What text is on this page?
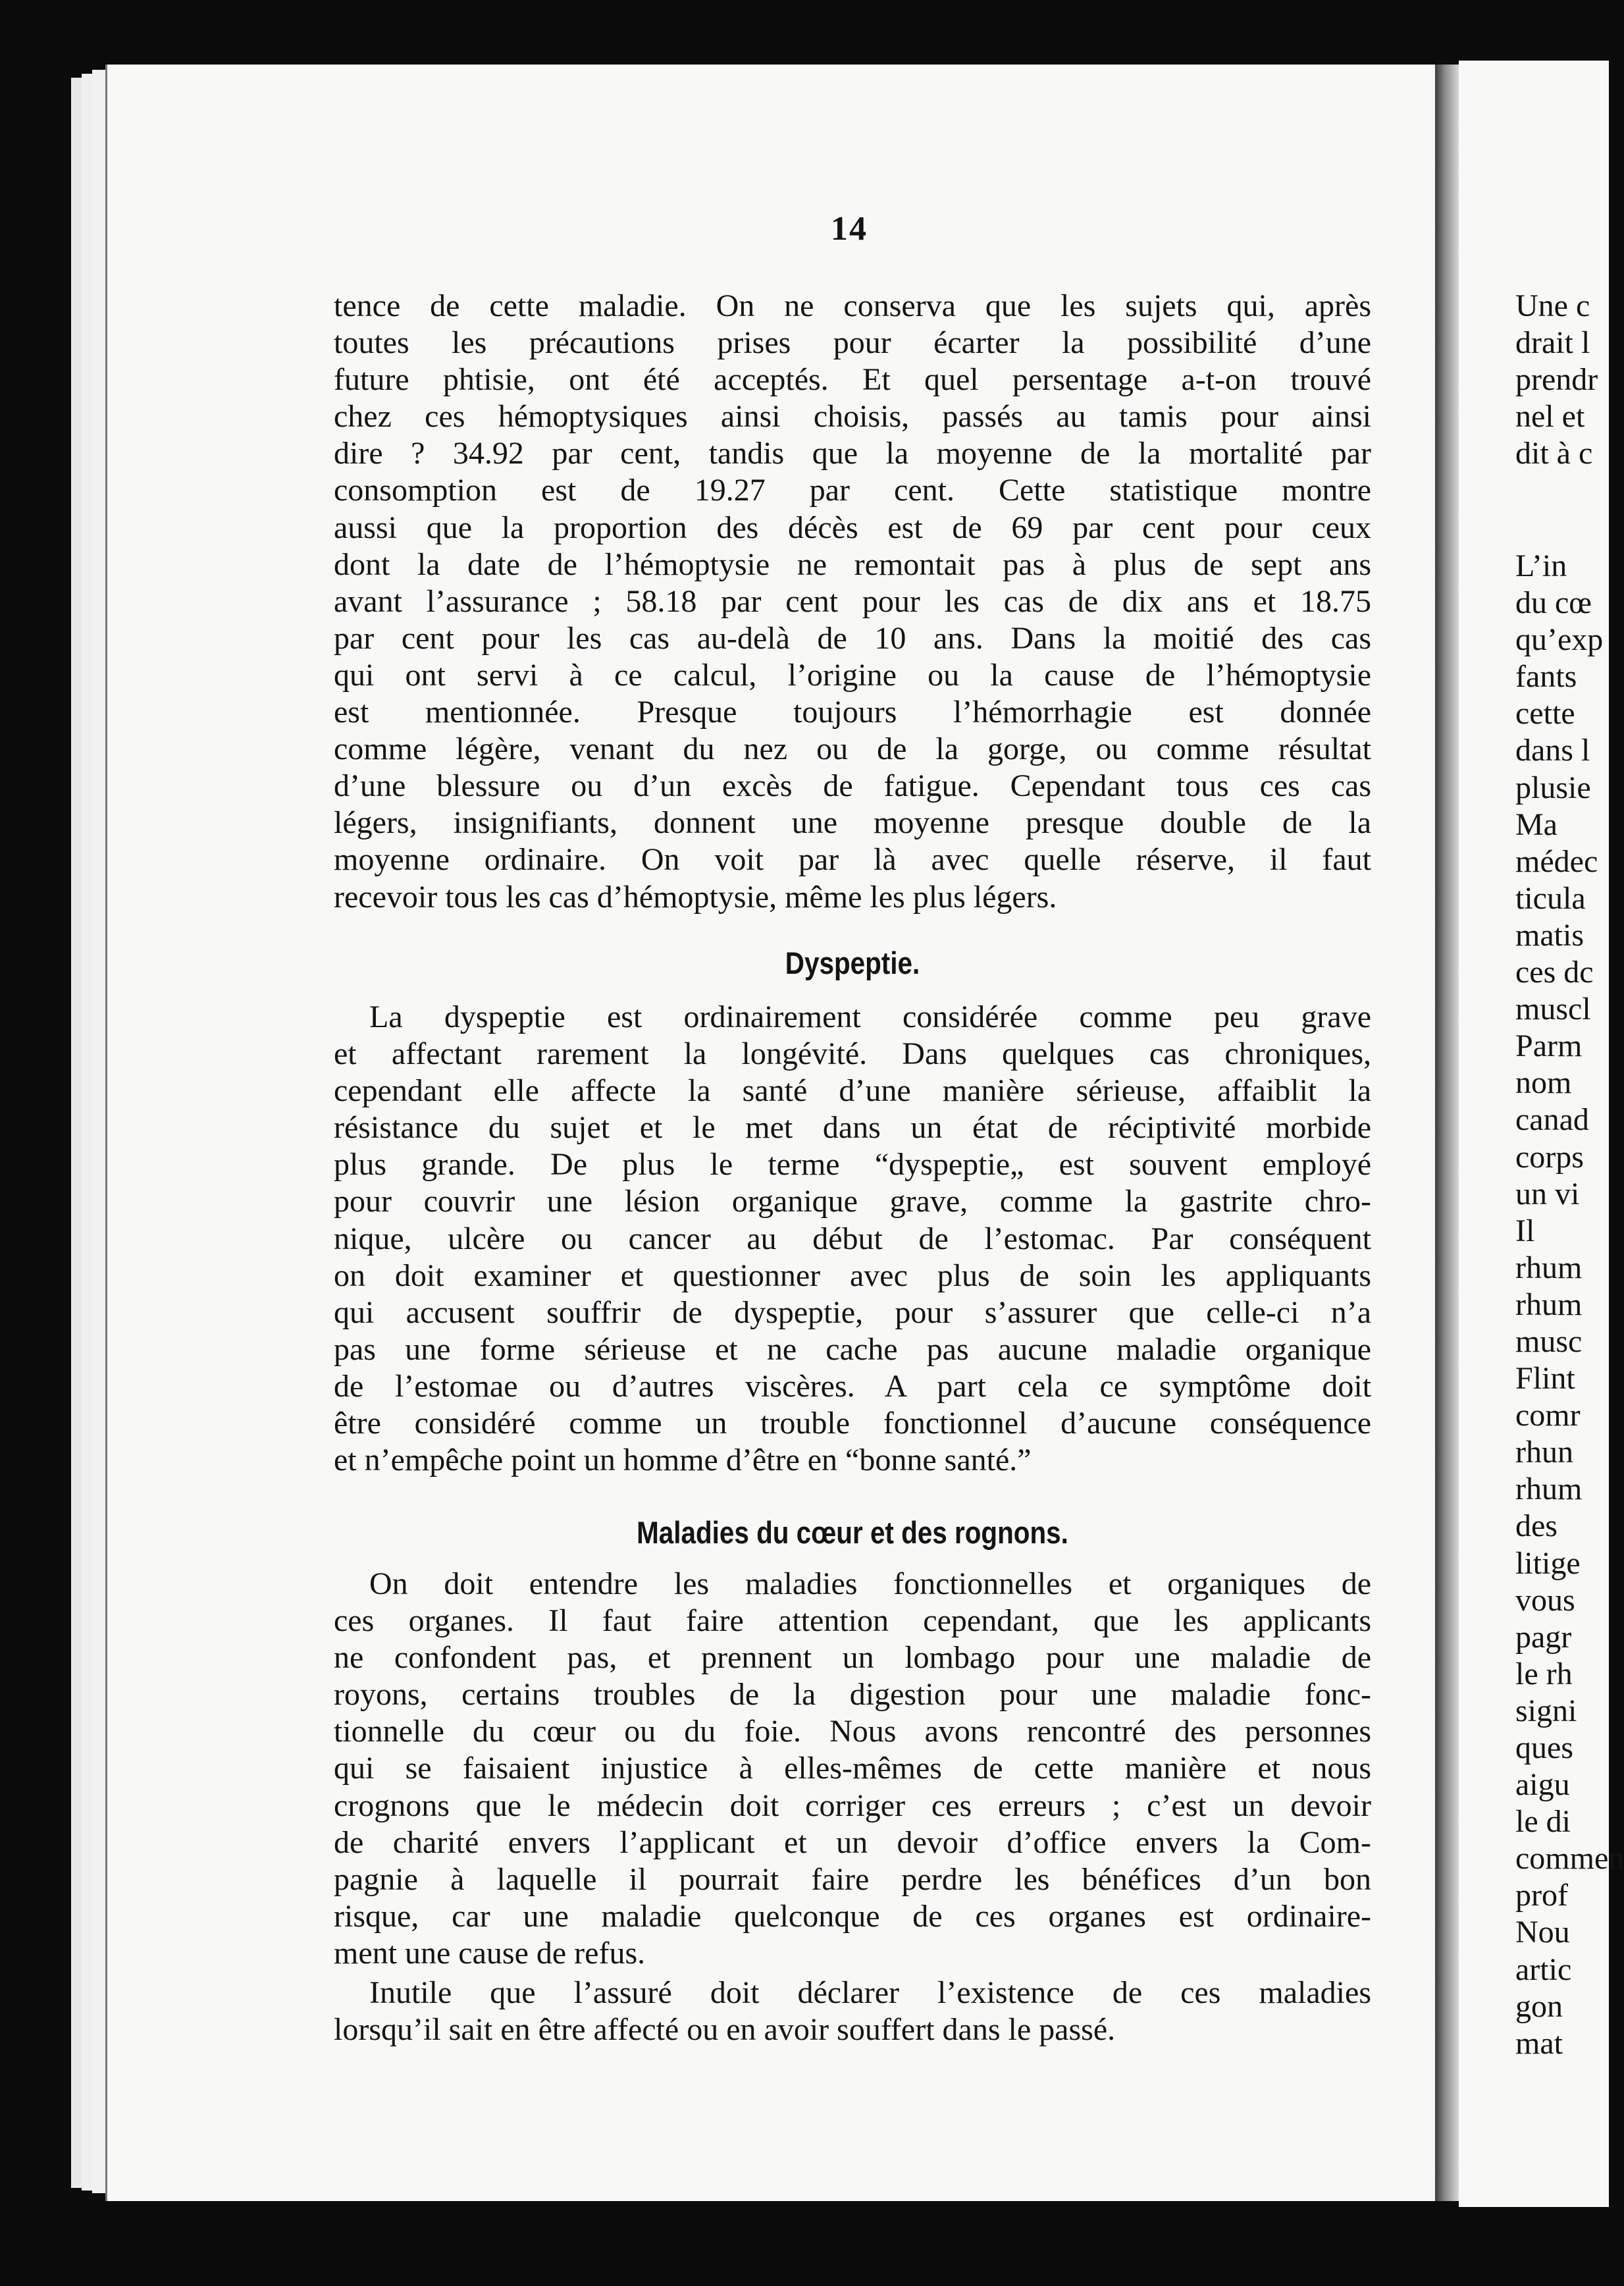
14
tence de cette maladie. On ne conserva que les sujets qui, après
toutes les précautions prises pour écarter la possibilité d’une
future phtisie, ont été acceptés. Et quel persentage a-t-on trouvé
chez ces hémoptysiques ainsi choisis, passés au tamis pour ainsi
dire ? 34.92 par cent, tandis que la moyenne de la mortalité par
consomption est de 19.27 par cent. Cette statistique montre
aussi que la proportion des décès est de 69 par cent pour ceux
dont la date de l’hémoptysie ne remontait pas à plus de sept ans
avant l’assurance ; 58.18 par cent pour les cas de dix ans et 18.75
par cent pour les cas au-delà de 10 ans. Dans la moitié des cas
qui ont servi à ce calcul, l’origine ou la cause de l’hémoptysie
est mentionnée. Presque toujours l’hémorrhagie est donnée
comme légère, venant du nez ou de la gorge, ou comme résultat
d’une blessure ou d’un excès de fatigue. Cependant tous ces cas
légers, insignifiants, donnent une moyenne presque double de la
moyenne ordinaire. On voit par là avec quelle réserve, il faut
recevoir tous les cas d’hémoptysie, même les plus légers.
Dyspeptie.
La dyspeptie est ordinairement considérée comme peu grave
et affectant rarement la longévité. Dans quelques cas chroniques,
cependant elle affecte la santé d’une manière sérieuse, affaiblit la
résistance du sujet et le met dans un état de réciptivité morbide
plus grande. De plus le terme “dyspeptie„ est souvent employé
pour couvrir une lésion organique grave, comme la gastrite chro-
nique, ulcère ou cancer au début de l’estomac. Par conséquent
on doit examiner et questionner avec plus de soin les appliquants
qui accusent souffrir de dyspeptie, pour s’assurer que celle-ci n’a
pas une forme sérieuse et ne cache pas aucune maladie organique
de l’estomae ou d’autres viscères. A part cela ce symptôme doit
être considéré comme un trouble fonctionnel d’aucune conséquence
et n’empêche point un homme d’être en “bonne santé.”
Maladies du cœur et des rognons.
On doit entendre les maladies fonctionnelles et organiques de
ces organes. Il faut faire attention cependant, que les applicants
ne confondent pas, et prennent un lombago pour une maladie de
royons, certains troubles de la digestion pour une maladie fonc-
tionnelle du cœur ou du foie. Nous avons rencontré des personnes
qui se faisaient injustice à elles-mêmes de cette manière et nous
crognons que le médecin doit corriger ces erreurs ; c’est un devoir
de charité envers l’applicant et un devoir d’office envers la Com-
pagnie à laquelle il pourrait faire perdre les bénéfices d’un bon
risque, car une maladie quelconque de ces organes est ordinaire-
ment une cause de refus.
Inutile que l’assuré doit déclarer l’existence de ces maladies
lorsqu’il sait en être affecté ou en avoir souffert dans le passé.
Une c
drait l
prendr
nel et
dit à c
L’in
du cœ
qu’exp
fants
cette
dans l
plusie
Ma
médec
ticula
matis
ces dc
muscl
Parm
nom
canad
corps
un vi
Il
rhum
rhum
musc
Flint
comr
rhun
rhum
des
litige
vous
pagr
le rh
signi
ques
aigu
le di
commen
prof
Nou
artic
gon
mat
